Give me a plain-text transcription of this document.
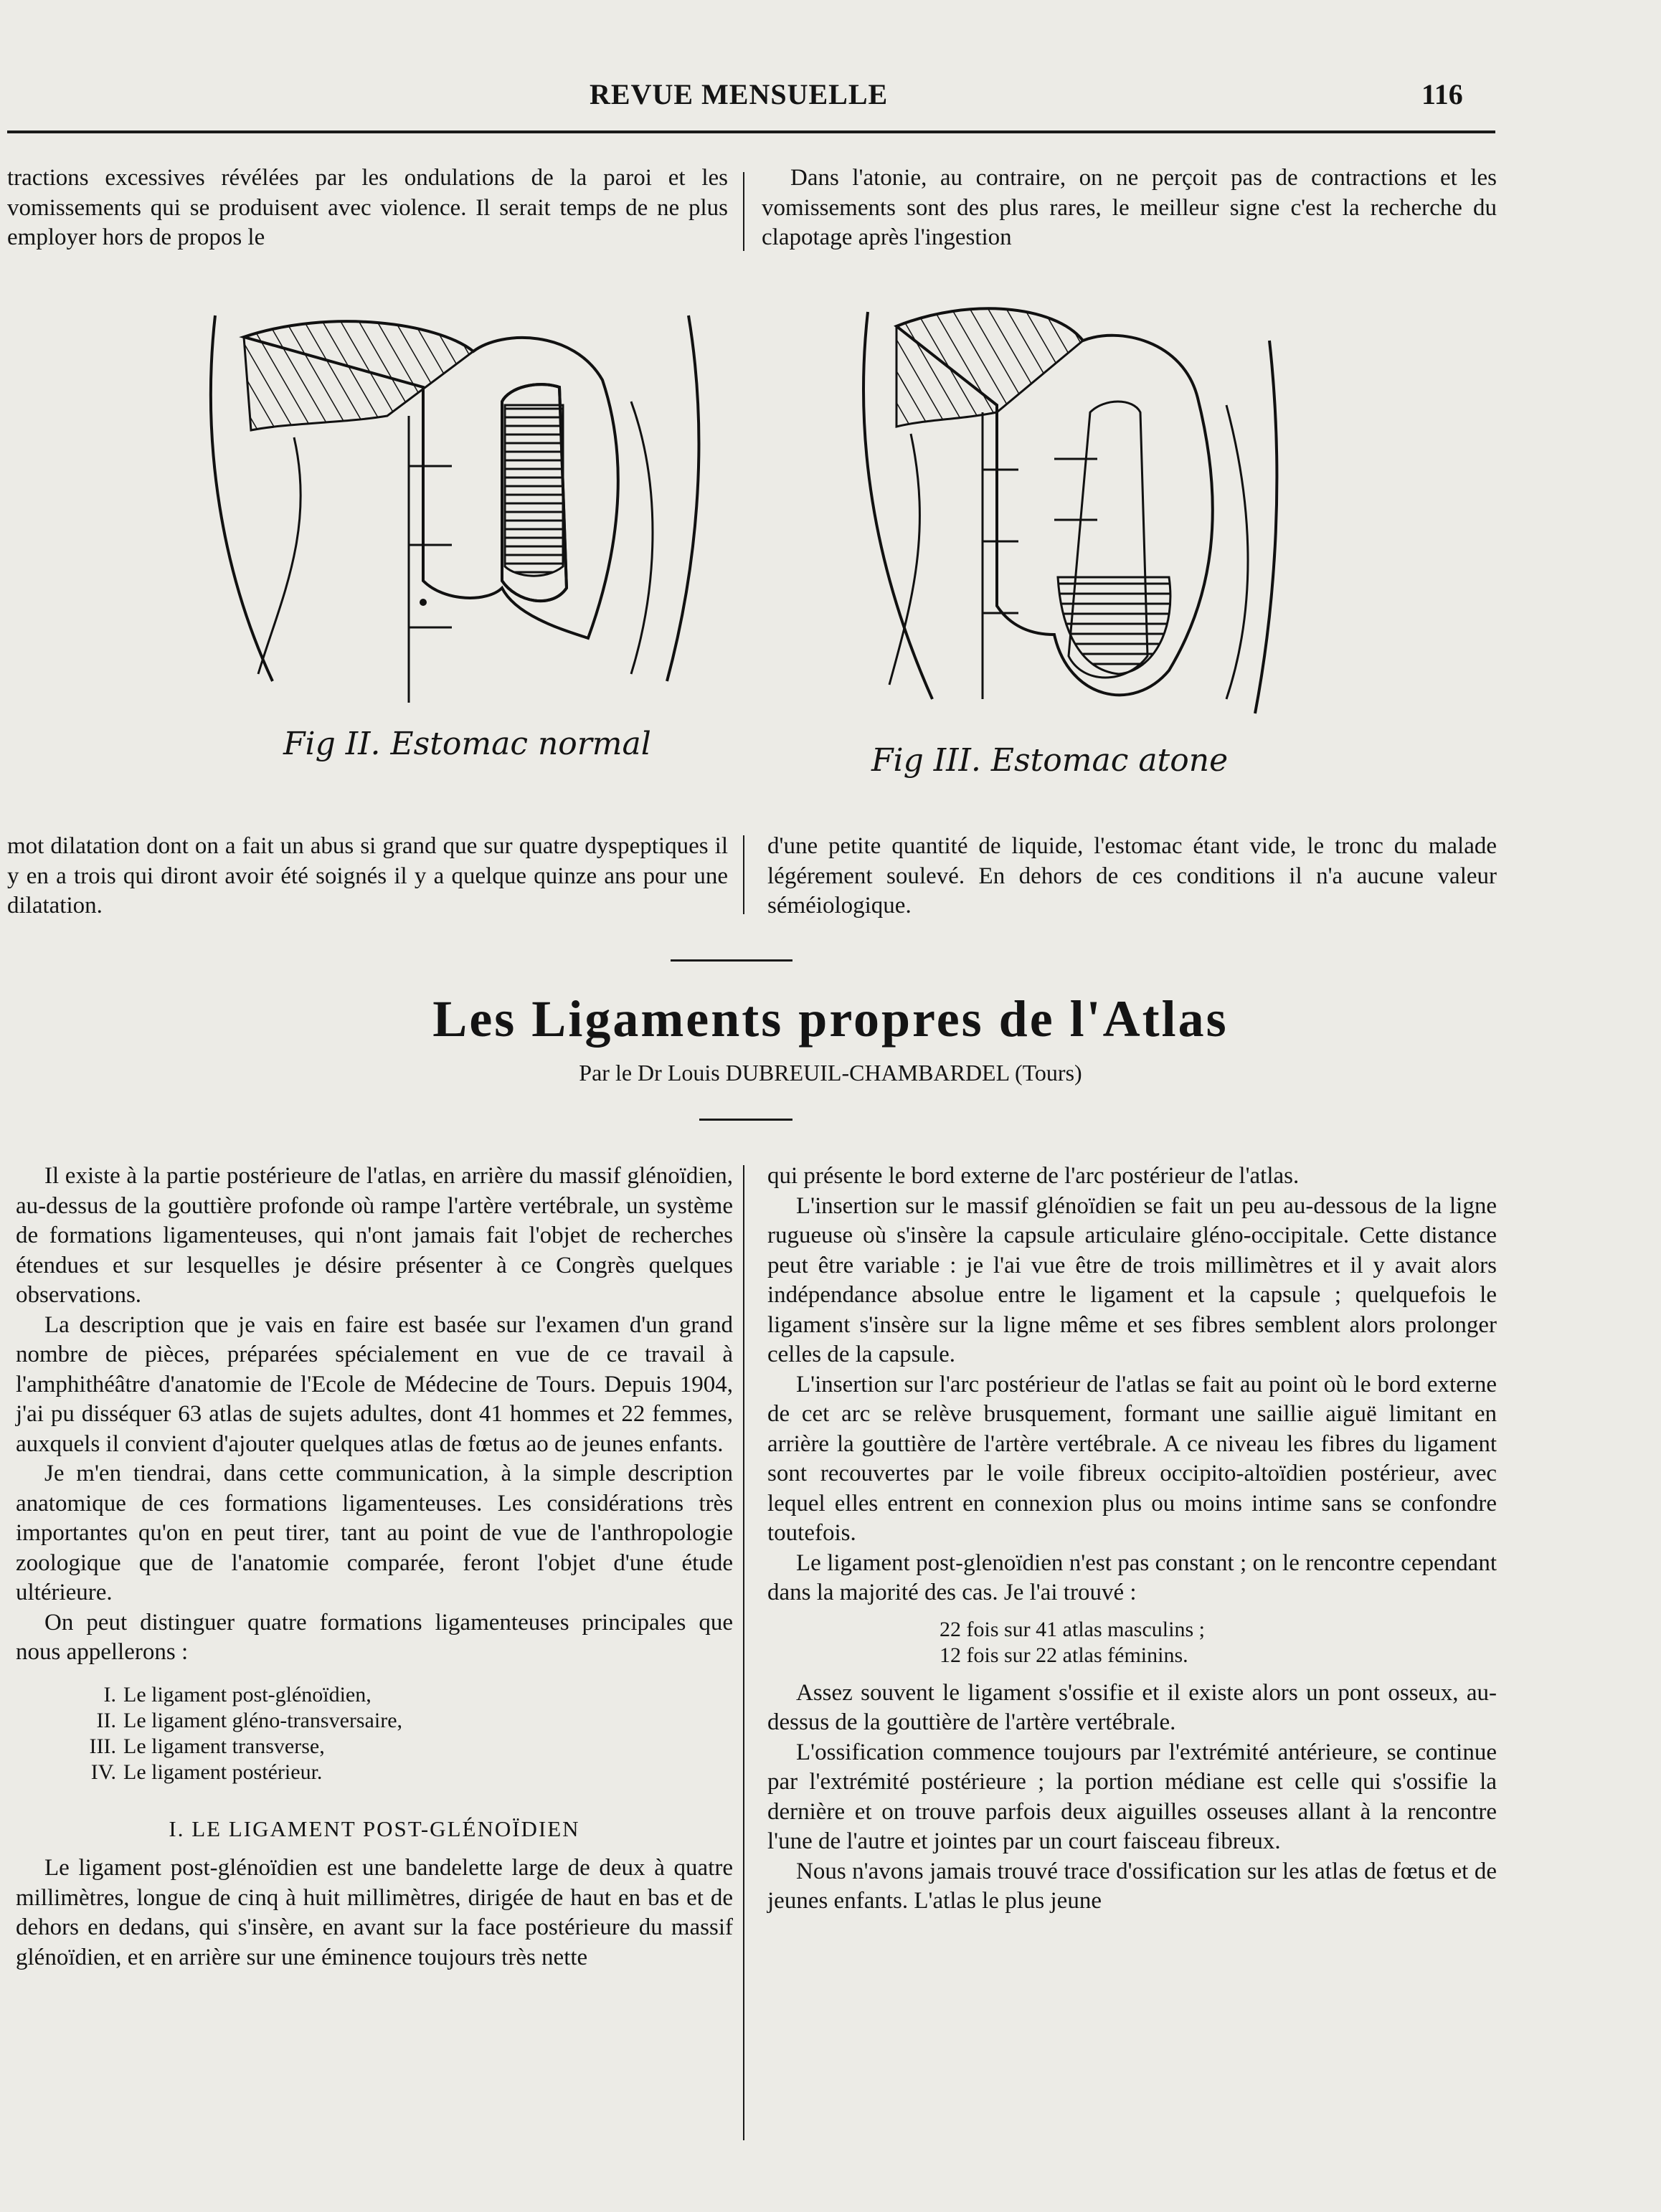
REVUE MENSUELLE	116

tractions excessives révélées par les ondulations de la paroi et les vomissements qui se produisent avec violence. Il serait temps de ne plus employer hors de propos le

Dans l'atonie, au contraire, on ne perçoit pas de contractions et les vomissements sont des plus rares, le meilleur signe c'est la recherche du clapotage après l'ingestion

Fig II. Estomac normal	Fig III. Estomac atone

mot dilatation dont on a fait un abus si grand que sur quatre dyspeptiques il y en a trois qui diront avoir été soignés il y a quelque quinze ans pour une dilatation.

d'une petite quantité de liquide, l'estomac étant vide, le tronc du malade légérement soulevé. En dehors de ces conditions il n'a aucune valeur séméiologique.

Les Ligaments propres de l'Atlas
Par le Dr Louis DUBREUIL-CHAMBARDEL (Tours)

Il existe à la partie postérieure de l'atlas, en arrière du massif glénoïdien, au-dessus de la gouttière profonde où rampe l'artère vertébrale, un système de formations ligamenteuses, qui n'ont jamais fait l'objet de recherches étendues et sur lesquelles je désire présenter à ce Congrès quelques observations.

La description que je vais en faire est basée sur l'examen d'un grand nombre de pièces, préparées spécialement en vue de ce travail à l'amphithéâtre d'anatomie de l'Ecole de Médecine de Tours. Depuis 1904, j'ai pu disséquer 63 atlas de sujets adultes, dont 41 hommes et 22 femmes, auxquels il convient d'ajouter quelques atlas de fœtus ao de jeunes enfants.

Je m'en tiendrai, dans cette communication, à la simple description anatomique de ces formations ligamenteuses. Les considérations très importantes qu'on en peut tirer, tant au point de vue de l'anthropologie zoologique que de l'anatomie comparée, feront l'objet d'une étude ultérieure.

On peut distinguer quatre formations ligamenteuses principales que nous appellerons :

I. Le ligament post-glénoïdien,
II. Le ligament gléno-transversaire,
III. Le ligament transverse,
IV. Le ligament postérieur.
I. LE LIGAMENT POST-GLÉNOÏDIEN

Le ligament post-glénoïdien est une bandelette large de deux à quatre millimètres, longue de cinq à huit millimètres, dirigée de haut en bas et de dehors en dedans, qui s'insère, en avant sur la face postérieure du massif glénoïdien, et en arrière sur une éminence toujours très nette

qui présente le bord externe de l'arc postérieur de l'atlas.

L'insertion sur le massif glénoïdien se fait un peu au-dessous de la ligne rugueuse où s'insère la capsule articulaire gléno-occipitale. Cette distance peut être variable : je l'ai vue être de trois millimètres et il y avait alors indépendance absolue entre le ligament et la capsule ; quelquefois le ligament s'insère sur la ligne même et ses fibres semblent alors prolonger celles de la capsule.

L'insertion sur l'arc postérieur de l'atlas se fait au point où le bord externe de cet arc se relève brusquement, formant une saillie aiguë limitant en arrière la gouttière de l'artère vertébrale. A ce niveau les fibres du ligament sont recouvertes par le voile fibreux occipito-altoïdien postérieur, avec lequel elles entrent en connexion plus ou moins intime sans se confondre toutefois.

Le ligament post-glenoïdien n'est pas constant ; on le rencontre cependant dans la majorité des cas. Je l'ai trouvé :

22 fois sur 41 atlas masculins ;
12 fois sur 22 atlas féminins.

Assez souvent le ligament s'ossifie et il existe alors un pont osseux, au-dessus de la gouttière de l'artère vertébrale.

L'ossification commence toujours par l'extrémité antérieure, se continue par l'extrémité postérieure ; la portion médiane est celle qui s'ossifie la dernière et on trouve parfois deux aiguilles osseuses allant à la rencontre l'une de l'autre et jointes par un court faisceau fibreux.

Nous n'avons jamais trouvé trace d'ossification sur les atlas de fœtus et de jeunes enfants. L'atlas le plus jeune
